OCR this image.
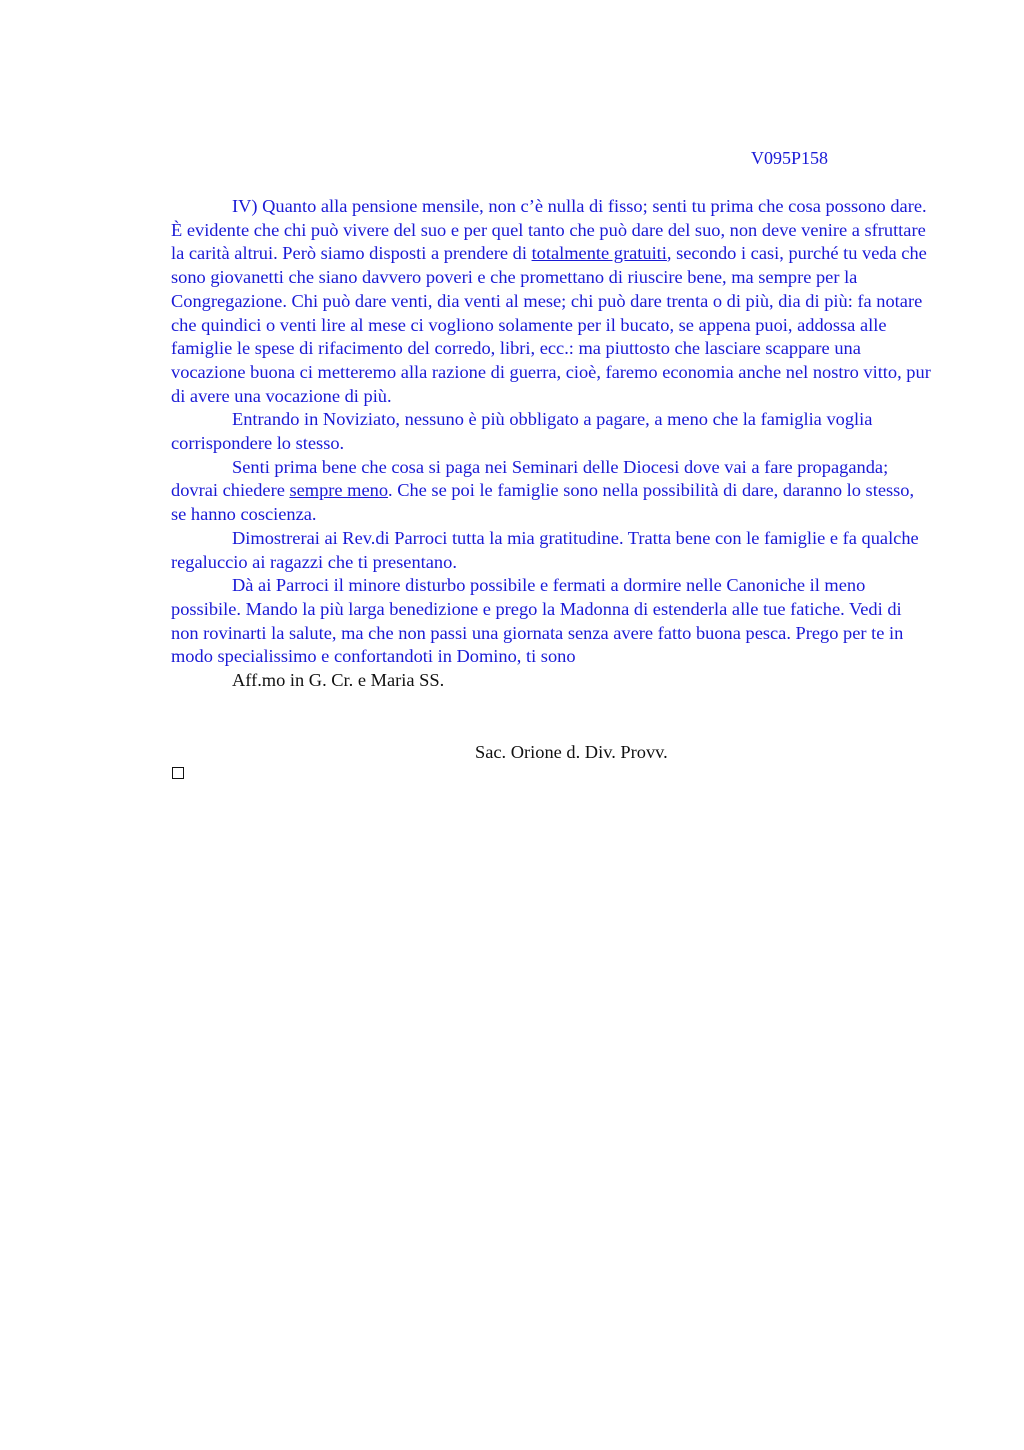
V095P158

IV) Quanto alla pensione mensile, non c’è nulla di fisso; senti tu prima che cosa possono dare. È evidente che chi può vivere del suo e per quel tanto che può dare del suo, non deve venire a sfruttare la carità altrui. Però siamo disposti a prendere di totalmente gratuiti, secondo i casi, purché tu veda che sono giovanetti che siano davvero poveri e che promettano di riuscire bene, ma sempre per la Congregazione. Chi può dare venti, dia venti al mese; chi può dare trenta o di più, dia di più: fa notare che quindici o venti lire al mese ci vogliono solamente per il bucato, se appena puoi, addossa alle famiglie le spese di rifacimento del corredo, libri, ecc.: ma piuttosto che lasciare scappare una vocazione buona ci metteremo alla razione di guerra, cioè, faremo economia anche nel nostro vitto, pur di avere una vocazione di più.

Entrando in Noviziato, nessuno è più obbligato a pagare, a meno che la famiglia voglia corrispondere lo stesso.

Senti prima bene che cosa si paga nei Seminari delle Diocesi dove vai a fare propaganda; dovrai chiedere sempre meno. Che se poi le famiglie sono nella possibilità di dare, daranno lo stesso, se hanno coscienza.

Dimostrerai ai Rev.di Parroci tutta la mia gratitudine. Tratta bene con le famiglie e fa qualche regaluccio ai ragazzi che ti presentano.

Dà ai Parroci il minore disturbo possibile e fermati a dormire nelle Canoniche il meno possibile. Mando la più larga benedizione e prego la Madonna di estenderla alle tue fatiche. Vedi di non rovinarti la salute, ma che non passi una giornata senza avere fatto buona pesca. Prego per te in modo specialissimo e confortandoti in Domino, ti sono

Aff.mo in G. Cr. e Maria SS.

Sac. Orione d. Div. Provv.
